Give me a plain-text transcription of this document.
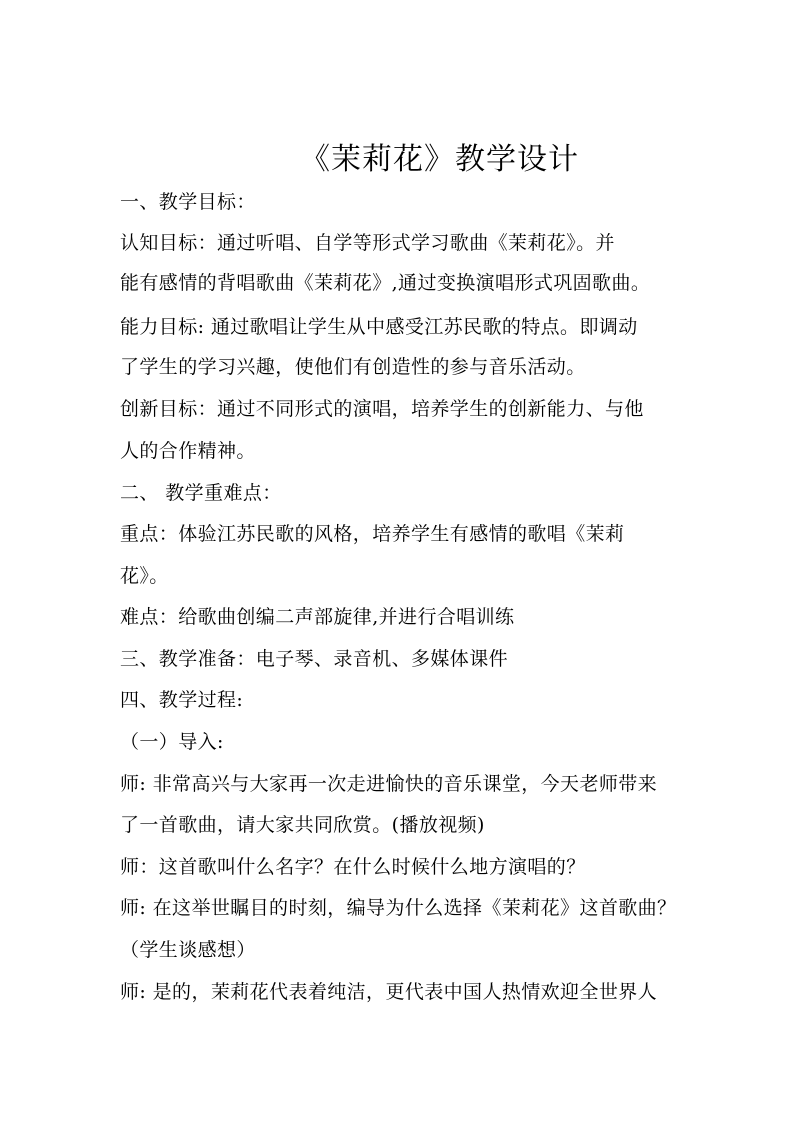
《茉莉花》教学设计
一、教学目标：
认知目标：通过听唱、自学等形式学习歌曲《茉莉花》。并
能有感情的背唱歌曲《茉莉花》,通过变换演唱形式巩固歌曲。
能力目标: 通过歌唱让学生从中感受江苏民歌的特点。即调动
了学生的学习兴趣，使他们有创造性的参与音乐活动。
创新目标：通过不同形式的演唱，培养学生的创新能力、与他
人的合作精神。
二、 教学重难点：
重点：体验江苏民歌的风格，培养学生有感情的歌唱《茉莉
花》。
难点：给歌曲创编二声部旋律,并进行合唱训练
三、教学准备：电子琴、录音机、多媒体课件
四、教学过程:
（一）导入:
师: 非常高兴与大家再一次走进愉快的音乐课堂，今天老师带来
了一首歌曲，请大家共同欣赏。(播放视频)
师：这首歌叫什么名字？在什么时候什么地方演唱的？
师: 在这举世瞩目的时刻，编导为什么选择《茉莉花》这首歌曲？
（学生谈感想）
师: 是的，茉莉花代表着纯洁，更代表中国人热情欢迎全世界人
